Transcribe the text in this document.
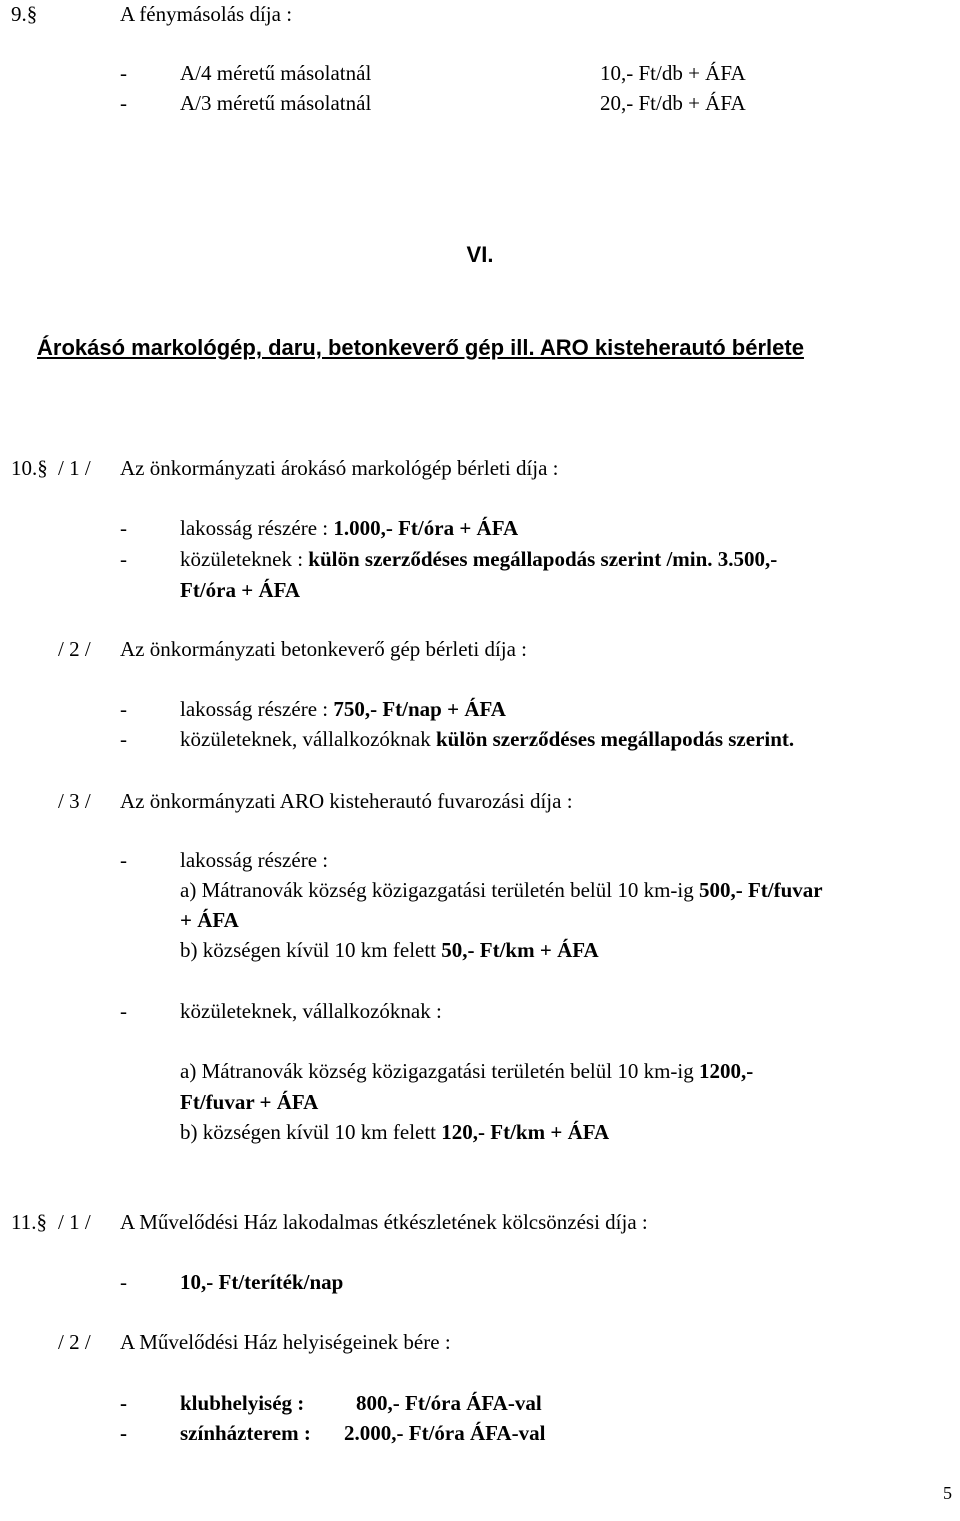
9.§	A fénymásolás díja :
-	A/4 méretű másolatnál	10,- Ft/db + ÁFA
-	A/3 méretű másolatnál	20,- Ft/db + ÁFA
VI.
Árokásó markológép, daru, betonkeverő gép ill. ARO kisteherautó bérlete
10.§ / 1 / Az önkormányzati árokásó markológép bérleti díja :
-	lakosság részére : 1.000,- Ft/óra + ÁFA
-	közületeknek : külön szerződéses megállapodás szerint /min. 3.500,-
Ft/óra + ÁFA
/ 2 / Az önkormányzati betonkeverő gép bérleti díja :
-	lakosság részére : 750,- Ft/nap + ÁFA
-	közületeknek, vállalkozóknak külön szerződéses megállapodás szerint.
/ 3 / Az önkormányzati ARO kisteherautó fuvarozási díja :
-	lakosság részére :
a) Mátranovák község közigazgatási területén belül 10 km-ig 500,- Ft/fuvar
+ ÁFA
b) községen kívül 10 km felett 50,- Ft/km + ÁFA
-	közületeknek, vállalkozóknak :
a) Mátranovák község közigazgatási területén belül 10 km-ig 1200,-
Ft/fuvar + ÁFA
b) községen kívül 10 km felett 120,- Ft/km + ÁFA
11.§ / 1 / A Művelődési Ház lakodalmas étkészletének kölcsönzési díja :
-	10,- Ft/teríték/nap
/ 2 / A Művelődési Ház helyiségeinek bére :
-	klubhelyiség : 800,- Ft/óra ÁFA-val
-	színházterem : 2.000,- Ft/óra ÁFA-val
5
